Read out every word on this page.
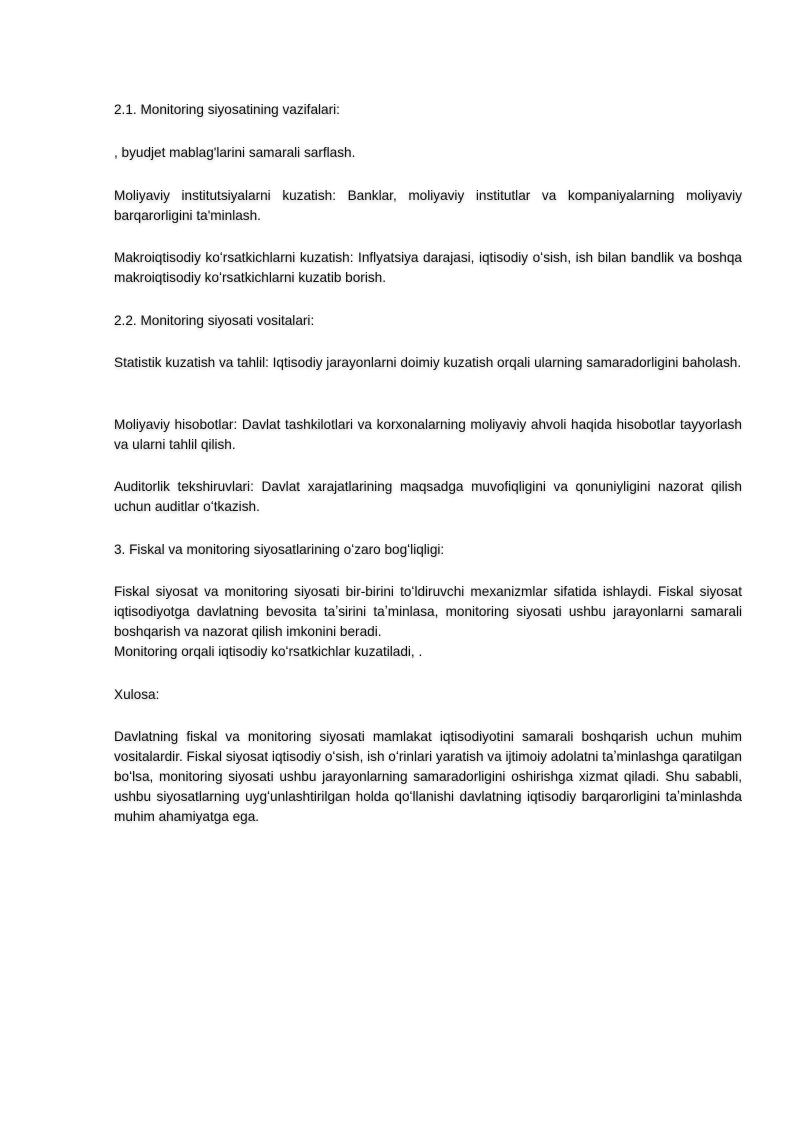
2.1. Monitoring siyosatining vazifalari:

, byudjet mablag'larini samarali sarflash.

Moliyaviy institutsiyalarni kuzatish: Banklar, moliyaviy institutlar va kompaniyalarning moliyaviy barqarorligini ta'minlash.

Makroiqtisodiy koʻrsatkichlarni kuzatish: Inflyatsiya darajasi, iqtisodiy oʻsish, ish bilan bandlik va boshqa makroiqtisodiy koʻrsatkichlarni kuzatib borish.

2.2. Monitoring siyosati vositalari:

Statistik kuzatish va tahlil: Iqtisodiy jarayonlarni doimiy kuzatish orqali ularning samaradorligini baholash.

Moliyaviy hisobotlar: Davlat tashkilotlari va korxonalarning moliyaviy ahvoli haqida hisobotlar tayyorlash va ularni tahlil qilish.

Auditorlik tekshiruvlari: Davlat xarajatlarining maqsadga muvofiqligini va qonuniyligini nazorat qilish uchun auditlar oʻtkazish.

3. Fiskal va monitoring siyosatlarining oʻzaro bogʻliqligi:

Fiskal siyosat va monitoring siyosati bir-birini toʻldiruvchi mexanizmlar sifatida ishlaydi. Fiskal siyosat iqtisodiyotga davlatning bevosita taʼsirini taʼminlasa, monitoring siyosati ushbu jarayonlarni samarali boshqarish va nazorat qilish imkonini beradi.

Monitoring orqali iqtisodiy koʻrsatkichlar kuzatiladi, .

Xulosa:

Davlatning fiskal va monitoring siyosati mamlakat iqtisodiyotini samarali boshqarish uchun muhim vositalardir. Fiskal siyosat iqtisodiy oʻsish, ish oʻrinlari yaratish va ijtimoiy adolatni taʼminlashga qaratilgan boʻlsa, monitoring siyosati ushbu jarayonlarning samaradorligini oshirishga xizmat qiladi. Shu sababli, ushbu siyosatlarning uygʻunlashtirilgan holda qoʻllanishi davlatning iqtisodiy barqarorligini taʼminlashda muhim ahamiyatga ega.
